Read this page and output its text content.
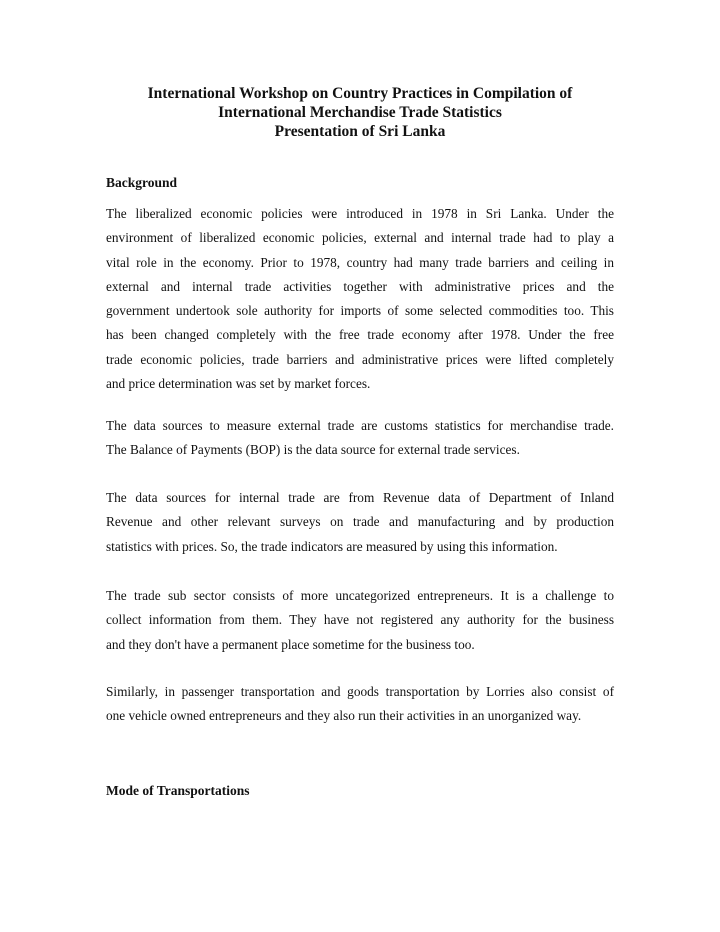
International Workshop on Country Practices in Compilation of
International Merchandise Trade Statistics
Presentation of Sri Lanka
Background
The liberalized economic policies were introduced in 1978 in Sri Lanka. Under the
environment of liberalized economic policies, external and internal trade had to play a
vital role in the economy. Prior to 1978, country had many trade barriers and ceiling in
external and internal trade activities together with administrative prices and the
government undertook sole authority for imports of some selected commodities too. This
has been changed completely with the free trade economy after 1978. Under the free
trade economic policies, trade barriers and administrative prices were lifted completely
and price determination was set by market forces.
The data sources to measure external trade are customs statistics for merchandise trade.
The Balance of Payments (BOP) is the data source for external trade services.
The data sources for internal trade are from Revenue data of Department of Inland
Revenue and other relevant surveys on trade and manufacturing and by production
statistics with prices. So, the trade indicators are measured by using this information.
The trade sub sector consists of more uncategorized entrepreneurs. It is a challenge to
collect information from them. They have not registered any authority for the business
and they don't have a permanent place sometime for the business too.
Similarly, in passenger transportation and goods transportation by Lorries also consist of
one vehicle owned entrepreneurs and they also run their activities in an unorganized way.
Mode of Transportations
